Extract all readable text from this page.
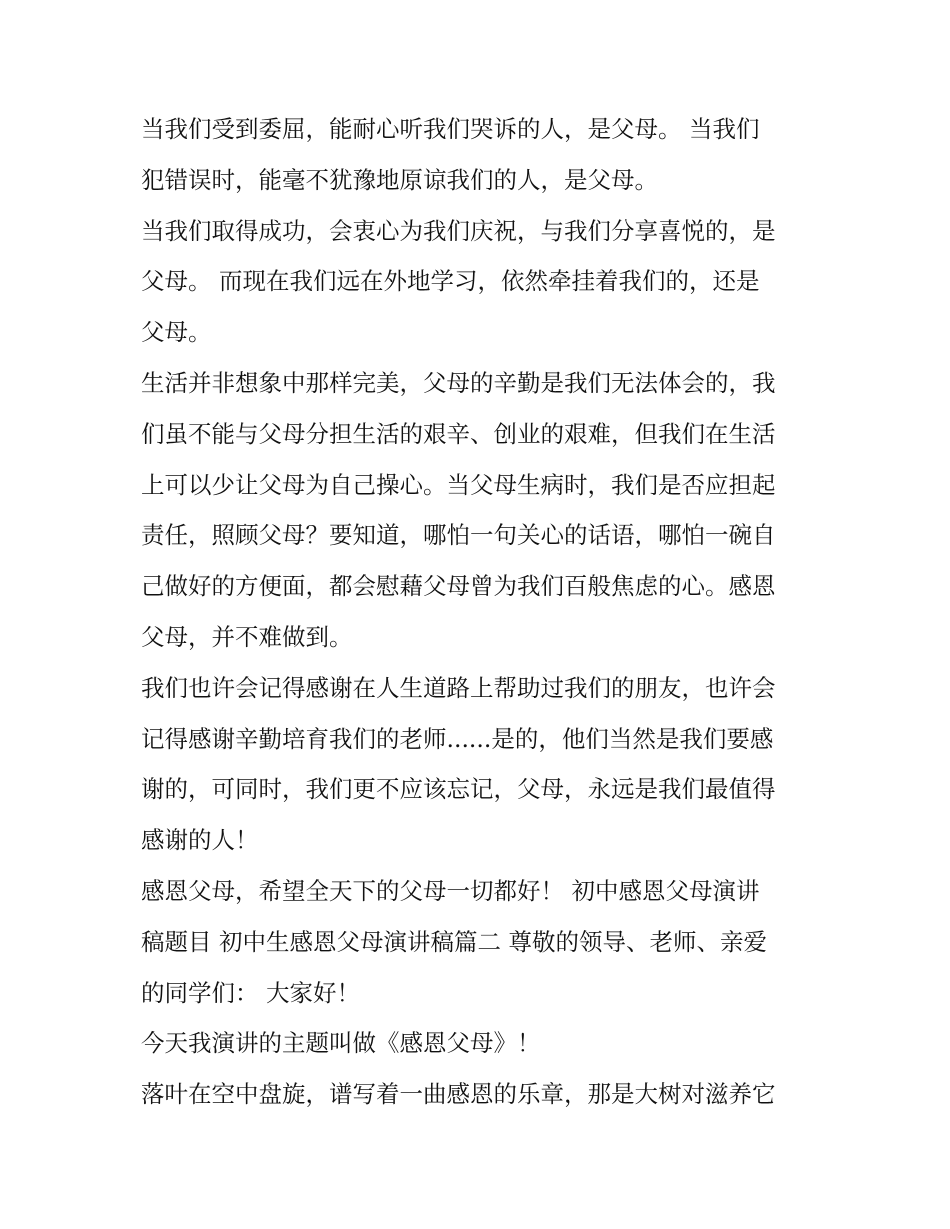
当我们受到委屈，能耐心听我们哭诉的人，是父母。 当我们
犯错误时，能毫不犹豫地原谅我们的人，是父母。
当我们取得成功，会衷心为我们庆祝，与我们分享喜悦的，是
父母。 而现在我们远在外地学习，依然牵挂着我们的，还是
父母。
生活并非想象中那样完美，父母的辛勤是我们无法体会的，我
们虽不能与父母分担生活的艰辛、创业的艰难，但我们在生活
上可以少让父母为自己操心。当父母生病时，我们是否应担起
责任，照顾父母？要知道，哪怕一句关心的话语，哪怕一碗自
己做好的方便面，都会慰藉父母曾为我们百般焦虑的心。感恩
父母，并不难做到。
我们也许会记得感谢在人生道路上帮助过我们的朋友，也许会
记得感谢辛勤培育我们的老师......是的，他们当然是我们要感
谢的，可同时，我们更不应该忘记，父母，永远是我们最值得
感谢的人！
感恩父母，希望全天下的父母一切都好！ 初中感恩父母演讲
稿题目 初中生感恩父母演讲稿篇二 尊敬的领导、老师、亲爱
的同学们： 大家好！
今天我演讲的主题叫做《感恩父母》！
落叶在空中盘旋，谱写着一曲感恩的乐章，那是大树对滋养它
